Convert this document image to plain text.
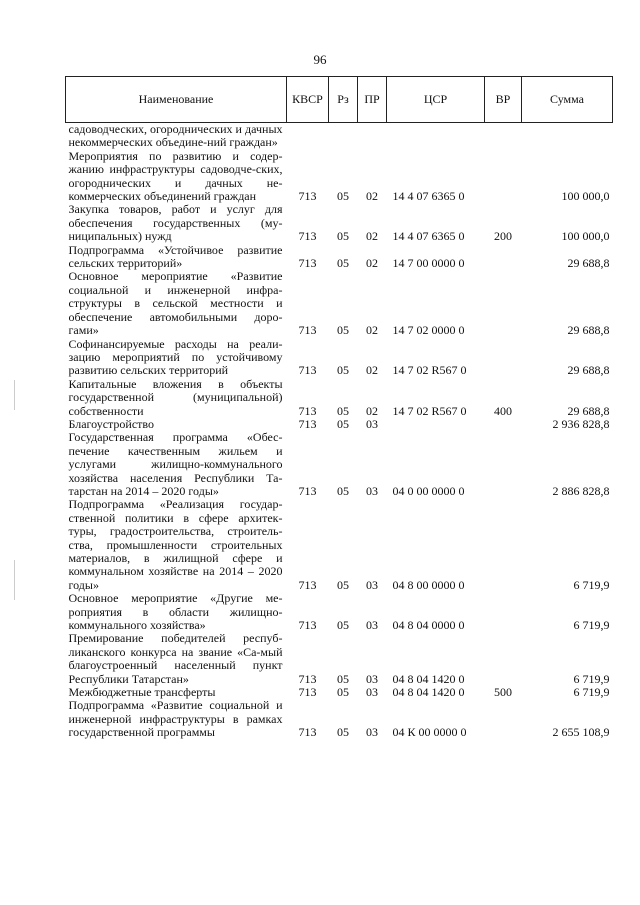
96
Наименование	КВСР	Рз	ПР	ЦСР	ВР	Сумма
садоводческих, огороднических и дачных некоммерческих объедине-ний граждан»						
Мероприятия по развитию и содер-жанию инфраструктуры садоводче-ских, огороднических и дачных не-коммерческих объединений граждан	713	05	02	14 4 07 6365 0		100 000,0
Закупка товаров, работ и услуг для обеспечения государственных (му-ниципальных) нужд	713	05	02	14 4 07 6365 0	200	100 000,0
Подпрограмма «Устойчивое развитие сельских территорий»	713	05	02	14 7 00 0000 0		29 688,8
Основное мероприятие «Развитие социальной и инженерной инфра-структуры в сельской местности и обеспечение автомобильными дорo-гами»	713	05	02	14 7 02 0000 0		29 688,8
Софинансируемые расходы на реали-зацию мероприятий по устойчивому развитию сельских территорий	713	05	02	14 7 02 R567 0		29 688,8
Капитальные вложения в объекты государственной (муниципальной) собственности	713	05	02	14 7 02 R567 0	400	29 688,8
Благоустройство	713	05	03			2 936 828,8
Государственная программа «Обес-печение качественным жильем и услугами жилищно-коммунального хозяйства населения Республики Та-тарстан на 2014 – 2020 годы»	713	05	03	04 0 00 0000 0		2 886 828,8
Подпрограмма «Реализация государ-ственной политики в сфере архитек-туры, градостроительства, строитель-ства, промышленности строительных материалов, в жилищной сфере и коммунальном хозяйстве на 2014 – 2020 годы»	713	05	03	04 8 00 0000 0		6 719,9
Основное мероприятие «Другие ме-роприятия в области жилищно-коммунального хозяйства»	713	05	03	04 8 04 0000 0		6 719,9
Премирование победителей респуб-ликанского конкурса на звание «Са-мый благоустроенный населенный пункт Республики Татарстан»	713	05	03	04 8 04 1420 0		6 719,9
Межбюджетные трансферты	713	05	03	04 8 04 1420 0	500	6 719,9
Подпрограмма «Развитие социальной и инженерной инфраструктуры в рамках государственной программы	713	05	03	04 К 00 0000 0		2 655 108,9
